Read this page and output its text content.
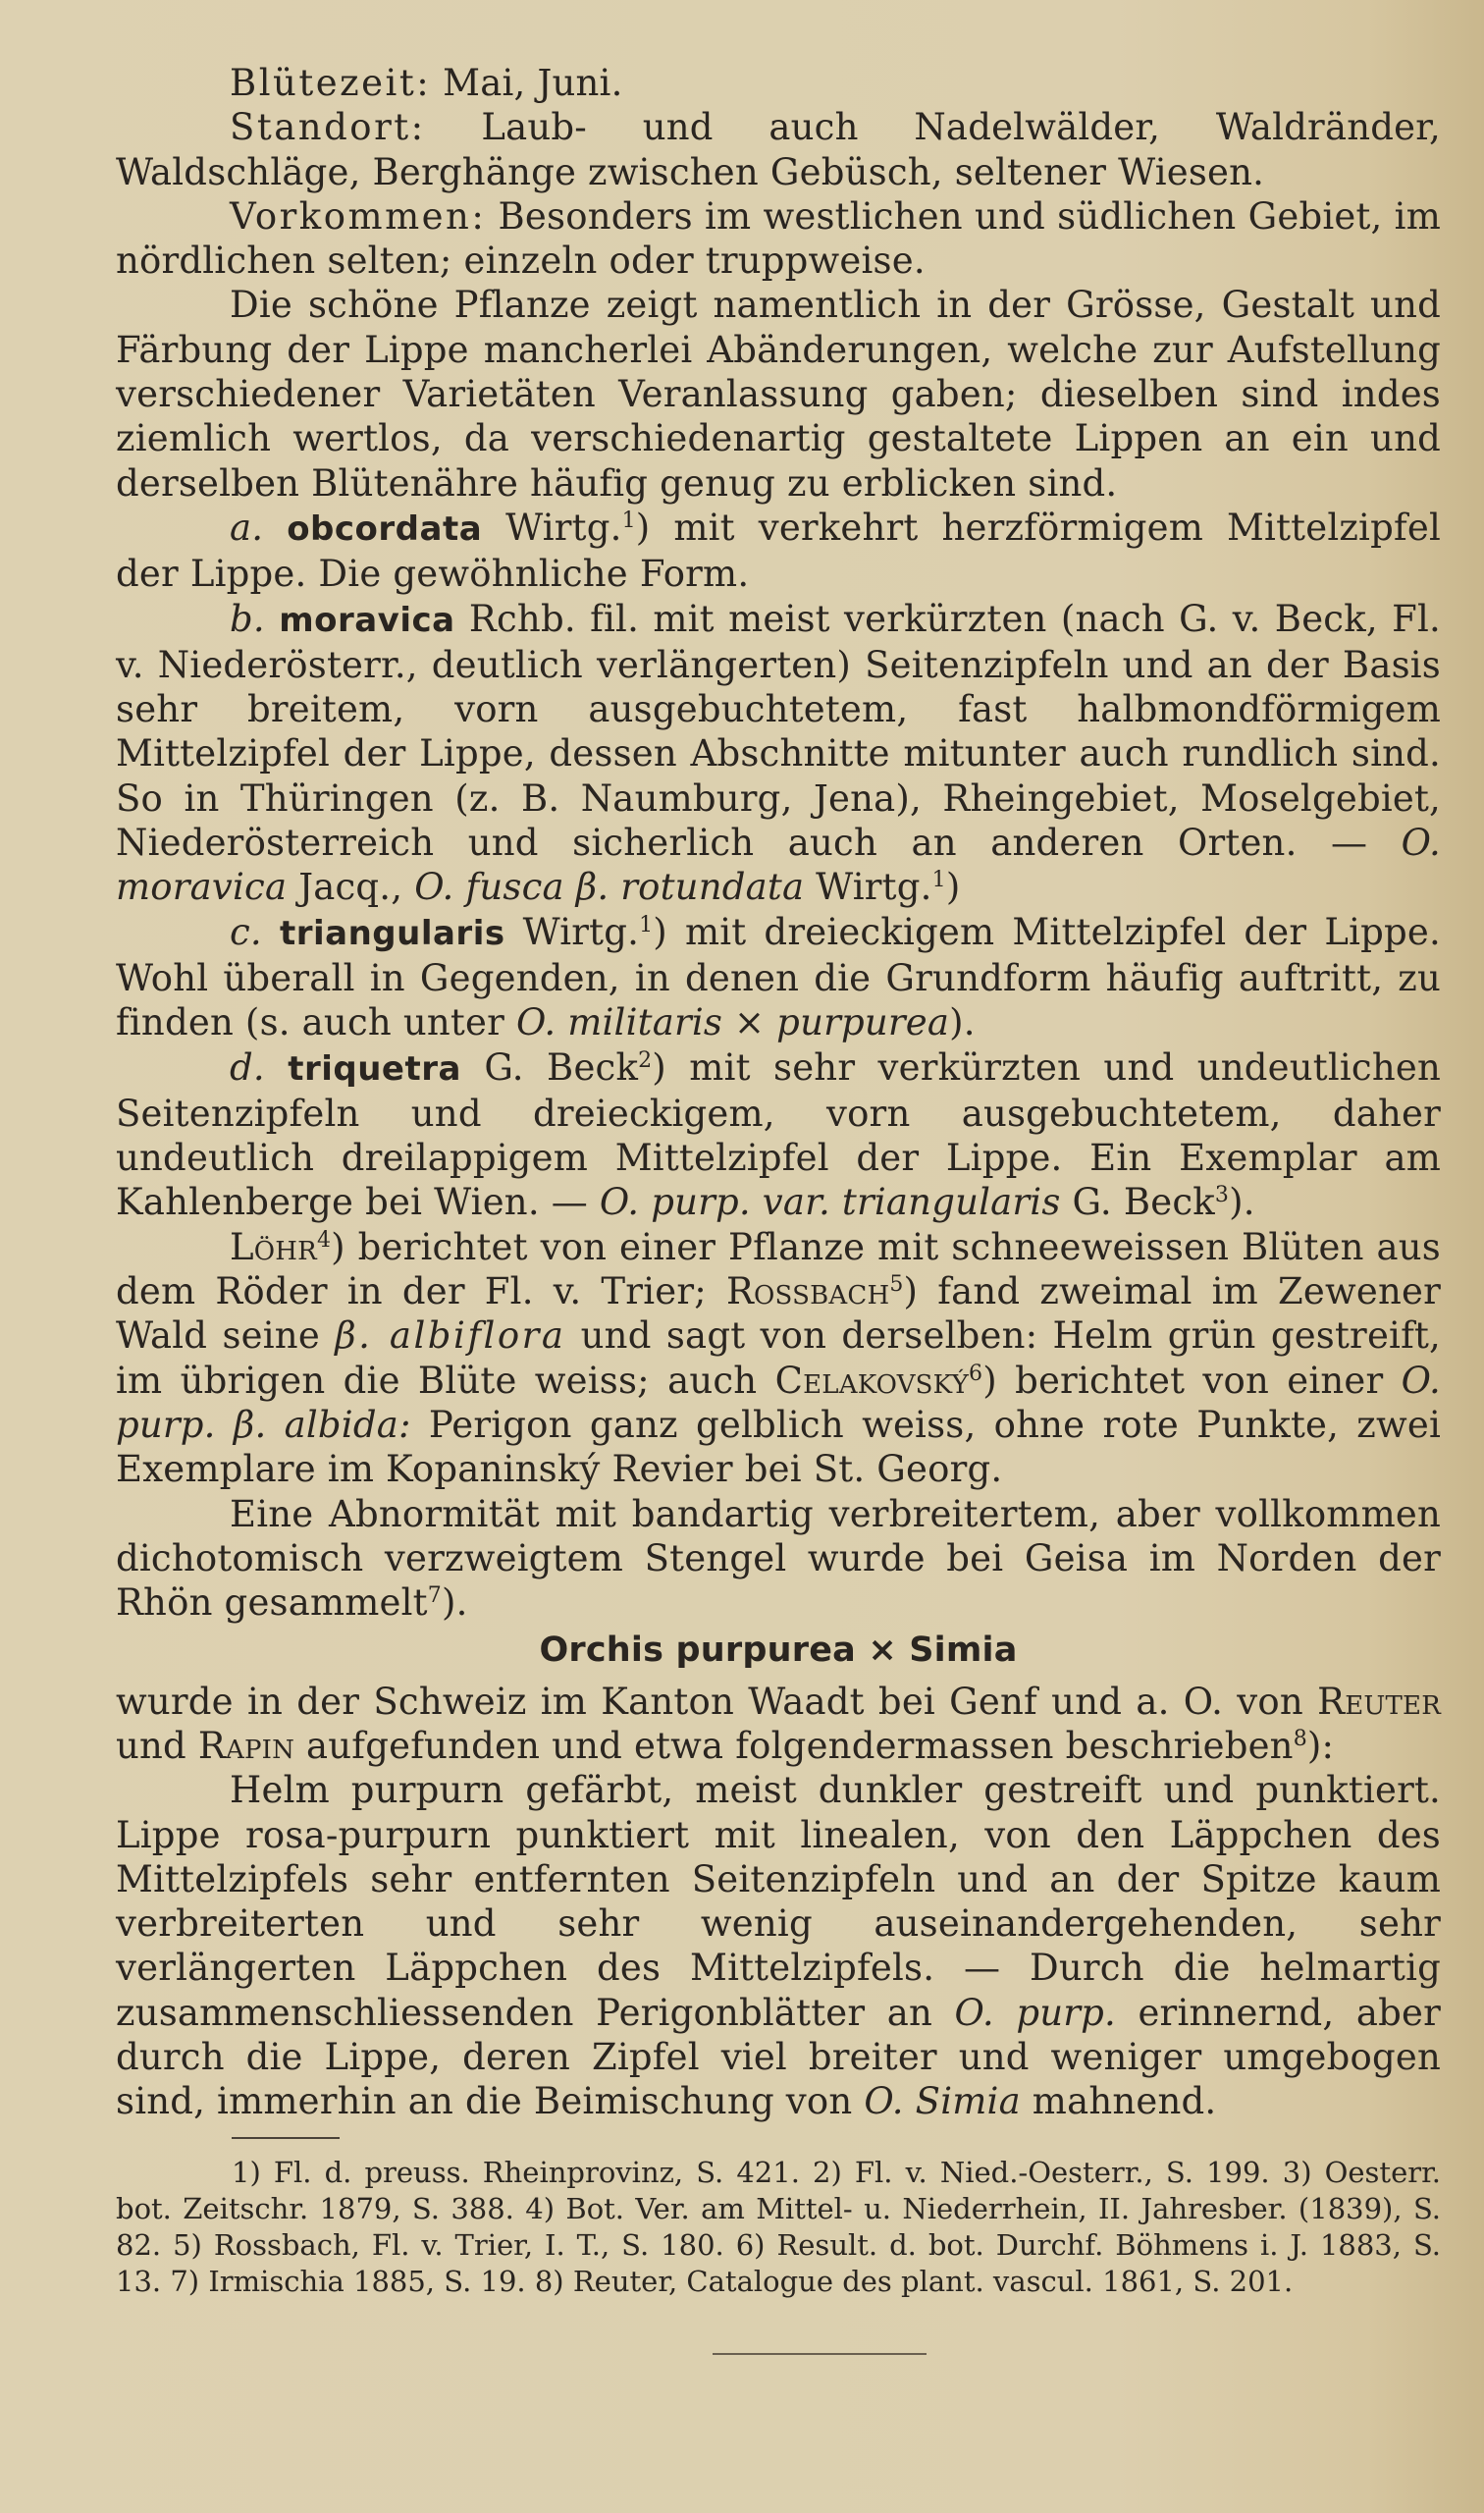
Blütezeit: Mai, Juni.

Standort: Laub- und auch Nadelwälder, Waldränder, Waldschläge, Berghänge zwischen Gebüsch, seltener Wiesen.

Vorkommen: Besonders im westlichen und südlichen Gebiet, im nördlichen selten; einzeln oder truppweise.

Die schöne Pflanze zeigt namentlich in der Grösse, Gestalt und Färbung der Lippe mancherlei Abänderungen, welche zur Aufstellung verschiedener Varietäten Veranlassung gaben; dieselben sind indes ziemlich wertlos, da verschiedenartig gestaltete Lippen an ein und derselben Blütenähre häufig genug zu erblicken sind.

a. obcordata Wirtg.$^1$) mit verkehrt herzförmigem Mittelzipfel der Lippe. Die gewöhnliche Form.

b. moravica Rchb. fil. mit meist verkürzten (nach G. v. Beck, Fl. v. Niederösterr., deutlich verlängerten) Seitenzipfeln und an der Basis sehr breitem, vorn ausgebuchtetem, fast halbmondförmigem Mittelzipfel der Lippe, dessen Abschnitte mitunter auch rundlich sind. So in Thüringen (z. B. Naumburg, Jena), Rheingebiet, Moselgebiet, Niederösterreich und sicherlich auch an anderen Orten. — O. moravica Jacq., O. fusca β. rotundata Wirtg.$^1$)

c. triangularis Wirtg.$^1$) mit dreieckigem Mittelzipfel der Lippe. Wohl überall in Gegenden, in denen die Grundform häufig auftritt, zu finden (s. auch unter O. militaris × purpurea).

d. triquetra G. Beck$^2$) mit sehr verkürzten und undeutlichen Seitenzipfeln und dreieckigem, vorn ausgebuchtetem, daher undeutlich dreilappigem Mittelzipfel der Lippe. Ein Exemplar am Kahlenberge bei Wien. — O. purp. var. triangularis G. Beck$^3$).

Löhr$^4$) berichtet von einer Pflanze mit schneeweissen Blüten aus dem Röder in der Fl. v. Trier; Rossbach$^5$) fand zweimal im Zewener Wald seine β. albiflora und sagt von derselben: Helm grün gestreift, im übrigen die Blüte weiss; auch Celakovský$^6$) berichtet von einer O. purp. β. albida: Perigon ganz gelblich weiss, ohne rote Punkte, zwei Exemplare im Kopaninský Revier bei St. Georg.

Eine Abnormität mit bandartig verbreitertem, aber vollkommen dichotomisch verzweigtem Stengel wurde bei Geisa im Norden der Rhön gesammelt$^7$).

Orchis purpurea × Simia

wurde in der Schweiz im Kanton Waadt bei Genf und a. O. von Reuter und Rapin aufgefunden und etwa folgendermassen beschrieben$^8$):

Helm purpurn gefärbt, meist dunkler gestreift und punktiert. Lippe rosa-purpurn punktiert mit linealen, von den Läppchen des Mittelzipfels sehr entfernten Seitenzipfeln und an der Spitze kaum verbreiterten und sehr wenig auseinandergehenden, sehr verlängerten Läppchen des Mittelzipfels. — Durch die helmartig zusammenschliessenden Perigonblätter an O. purp. erinnernd, aber durch die Lippe, deren Zipfel viel breiter und weniger umgebogen sind, immerhin an die Beimischung von O. Simia mahnend.

1) Fl. d. preuss. Rheinprovinz, S. 421. 2) Fl. v. Nied.-Oesterr., S. 199. 3) Oesterr. bot. Zeitschr. 1879, S. 388. 4) Bot. Ver. am Mittel- u. Niederrhein, II. Jahresber. (1839), S. 82. 5) Rossbach, Fl. v. Trier, I. T., S. 180. 6) Result. d. bot. Durchf. Böhmens i. J. 1883, S. 13. 7) Irmischia 1885, S. 19. 8) Reuter, Catalogue des plant. vascul. 1861, S. 201.
